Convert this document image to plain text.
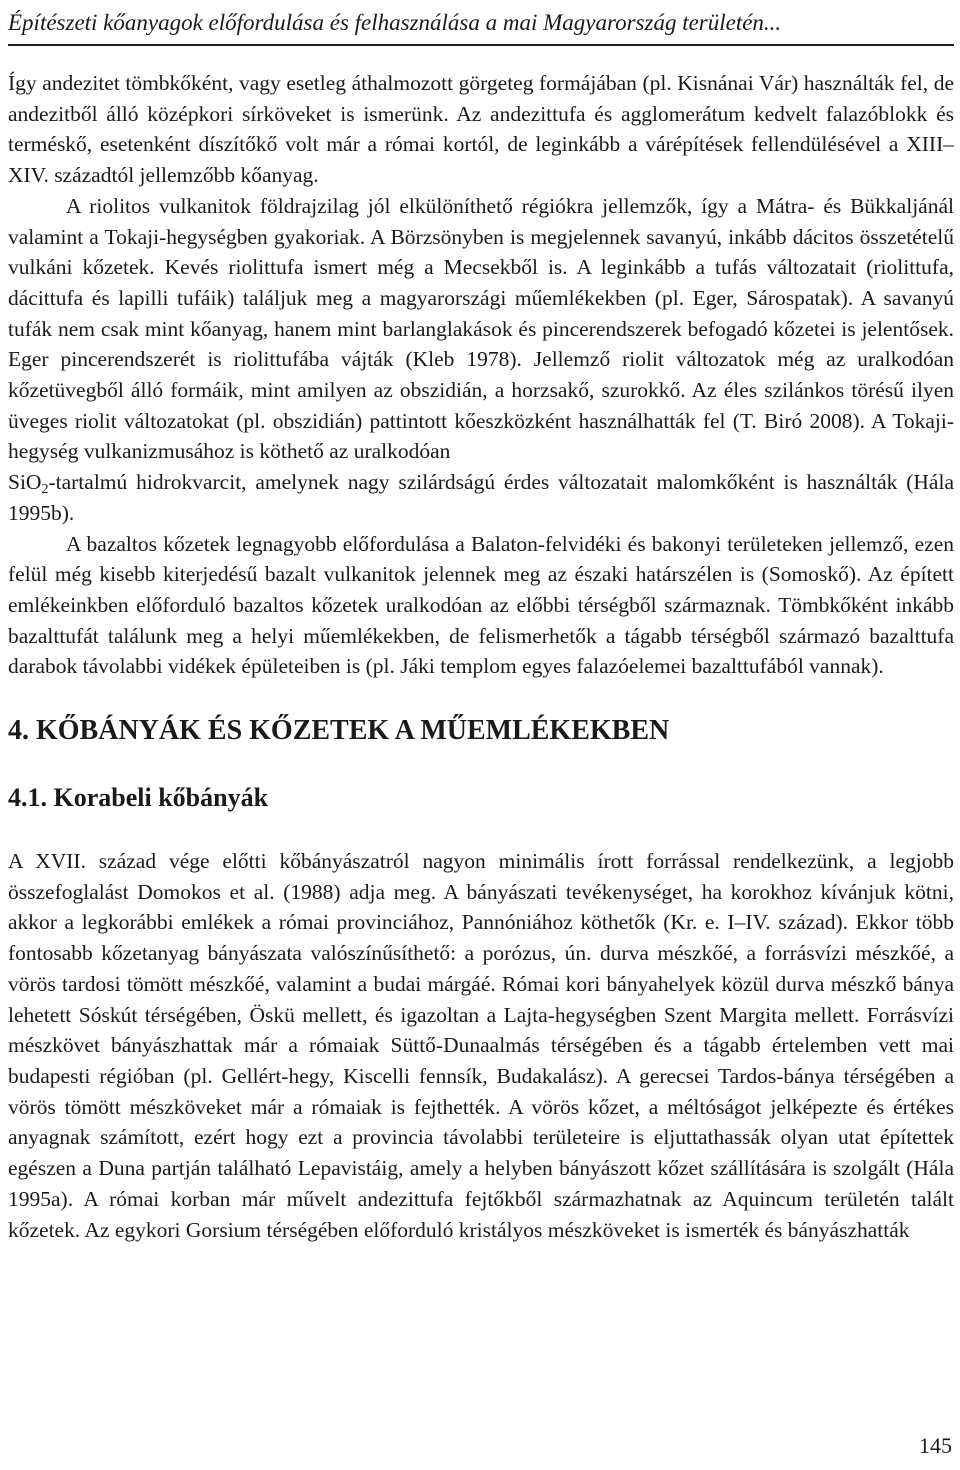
Építészeti kőanyagok előfordulása és felhasználása a mai Magyarország területén...

Így andezitet tömbkőként, vagy esetleg áthalmozott görgeteg formájában (pl. Kisnánai Vár) használták fel, de andezitből álló középkori sírköveket is ismerünk. Az andezittufa és agglomerátum kedvelt falazóblokk és terméskő, esetenként díszítőkő volt már a római kortól, de leginkább a várépítések fellendülésével a XIII–XIV. századtól jellemzőbb kőanyag.

A riolitos vulkanitok földrajzilag jól elkülöníthető régiókra jellemzők, így a Mátra- és Bükkaljánál valamint a Tokaji-hegységben gyakoriak. A Börzsönyben is megjelennek savanyú, inkább dácitos összetételű vulkáni kőzetek. Kevés riolittufa ismert még a Mecsekből is. A leginkább a tufás változatait (riolittufa, dácittufa és lapilli tufáik) találjuk meg a magyarországi műemlékekben (pl. Eger, Sárospatak). A savanyú tufák nem csak mint kőanyag, hanem mint barlanglakások és pincerendszerek befogadó kőzetei is jelentősek. Eger pincerendszerét is riolittufába vájták (Kleb 1978). Jellemző riolit változatok még az uralkodóan kőzetüvegből álló formáik, mint amilyen az obszidián, a horzsakő, szurokkő. Az éles szilánkos törésű ilyen üveges riolit változatokat (pl. obszidián) pattintott kőeszközként használhatták fel (T. Biró 2008). A Tokaji-hegység vulkanizmusához is köthető az uralkodóan

SiO$_2$-tartalmú hidrokvarcit, amelynek nagy szilárdságú érdes változatait malomkőként is használták (Hála 1995b).

A bazaltos kőzetek legnagyobb előfordulása a Balaton-felvidéki és bakonyi területeken jellemző, ezen felül még kisebb kiterjedésű bazalt vulkanitok jelennek meg az északi határszélen is (Somoskő). Az épített emlékeinkben előforduló bazaltos kőzetek uralkodóan az előbbi térségből származnak. Tömbkőként inkább bazalttufát találunk meg a helyi műemlékekben, de felismerhetők a tágabb térségből származó bazalttufa darabok távolabbi vidékek épületeiben is (pl. Jáki templom egyes falazóelemei bazalttufából vannak).

4. KŐBÁNYÁK ÉS KŐZETEK A MŰEMLÉKEKBEN
4.1. Korabeli kőbányák

A XVII. század vége előtti kőbányászatról nagyon minimális írott forrással rendelkezünk, a legjobb összefoglalást Domokos et al. (1988) adja meg. A bányászati tevékenységet, ha korokhoz kívánjuk kötni, akkor a legkorábbi emlékek a római provinciához, Pannóniához köthetők (Kr. e. I–IV. század). Ekkor több fontosabb kőzetanyag bányászata valószínűsíthető: a porózus, ún. durva mészkőé, a forrásvízi mészkőé, a vörös tardosi tömött mészkőé, valamint a budai márgáé. Római kori bányahelyek közül durva mészkő bánya lehetett Sóskút térségében, Öskü mellett, és igazoltan a Lajta-hegységben Szent Margita mellett. Forrásvízi mészkövet bányászhattak már a rómaiak Süttő-Dunaalmás térségében és a tágabb értelemben vett mai budapesti régióban (pl. Gellért-hegy, Kiscelli fennsík, Budakalász). A gerecsei Tardos-bánya térségében a vörös tömött mészköveket már a rómaiak is fejthették. A vörös kőzet, a méltóságot jelképezte és értékes anyagnak számított, ezért hogy ezt a provincia távolabbi területeire is eljuttathassák olyan utat építettek egészen a Duna partján található Lepavistáig, amely a helyben bányászott kőzet szállítására is szolgált (Hála 1995a). A római korban már művelt andezittufa fejtőkből származhatnak az Aquincum területén talált kőzetek. Az egykori Gorsium térségében előforduló kristályos mészköveket is ismerték és bányászhatták

145
